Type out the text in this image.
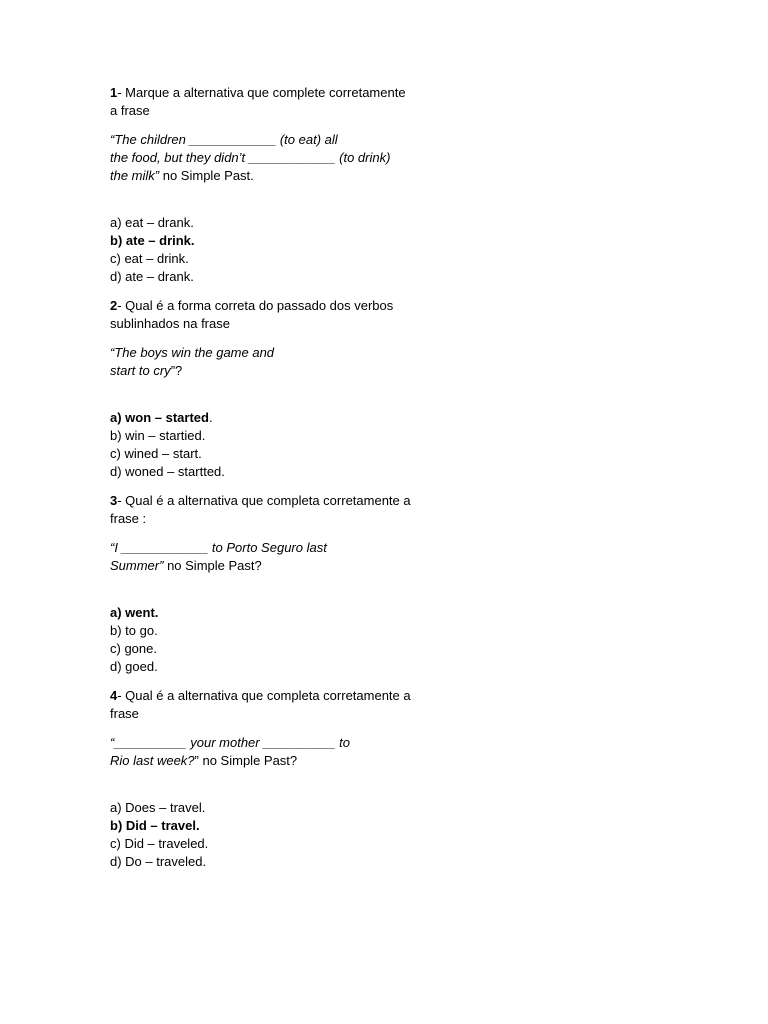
1- Marque a alternativa que complete corretamente
a frase
“The children ____________ (to eat) all
the food, but they didn’t ____________ (to drink)
the milk” no Simple Past.
a) eat – drank.
b) ate – drink.
c) eat – drink.
d) ate – drank.
2- Qual é a forma correta do passado dos verbos
sublinhados na frase
“The boys win the game and
start to cry”?
a) won – started.
b) win – startied.
c) wined – start.
d) woned – startted.
3- Qual é a alternativa que completa corretamente a
frase :
“I ____________ to Porto Seguro last
Summer” no Simple Past?
a) went.
b) to go.
c) gone.
d) goed.
4- Qual é a alternativa que completa corretamente a
frase
“__________ your mother __________ to
Rio last week?” no Simple Past?
a) Does – travel.
b) Did – travel.
c) Did – traveled.
d) Do – traveled.
